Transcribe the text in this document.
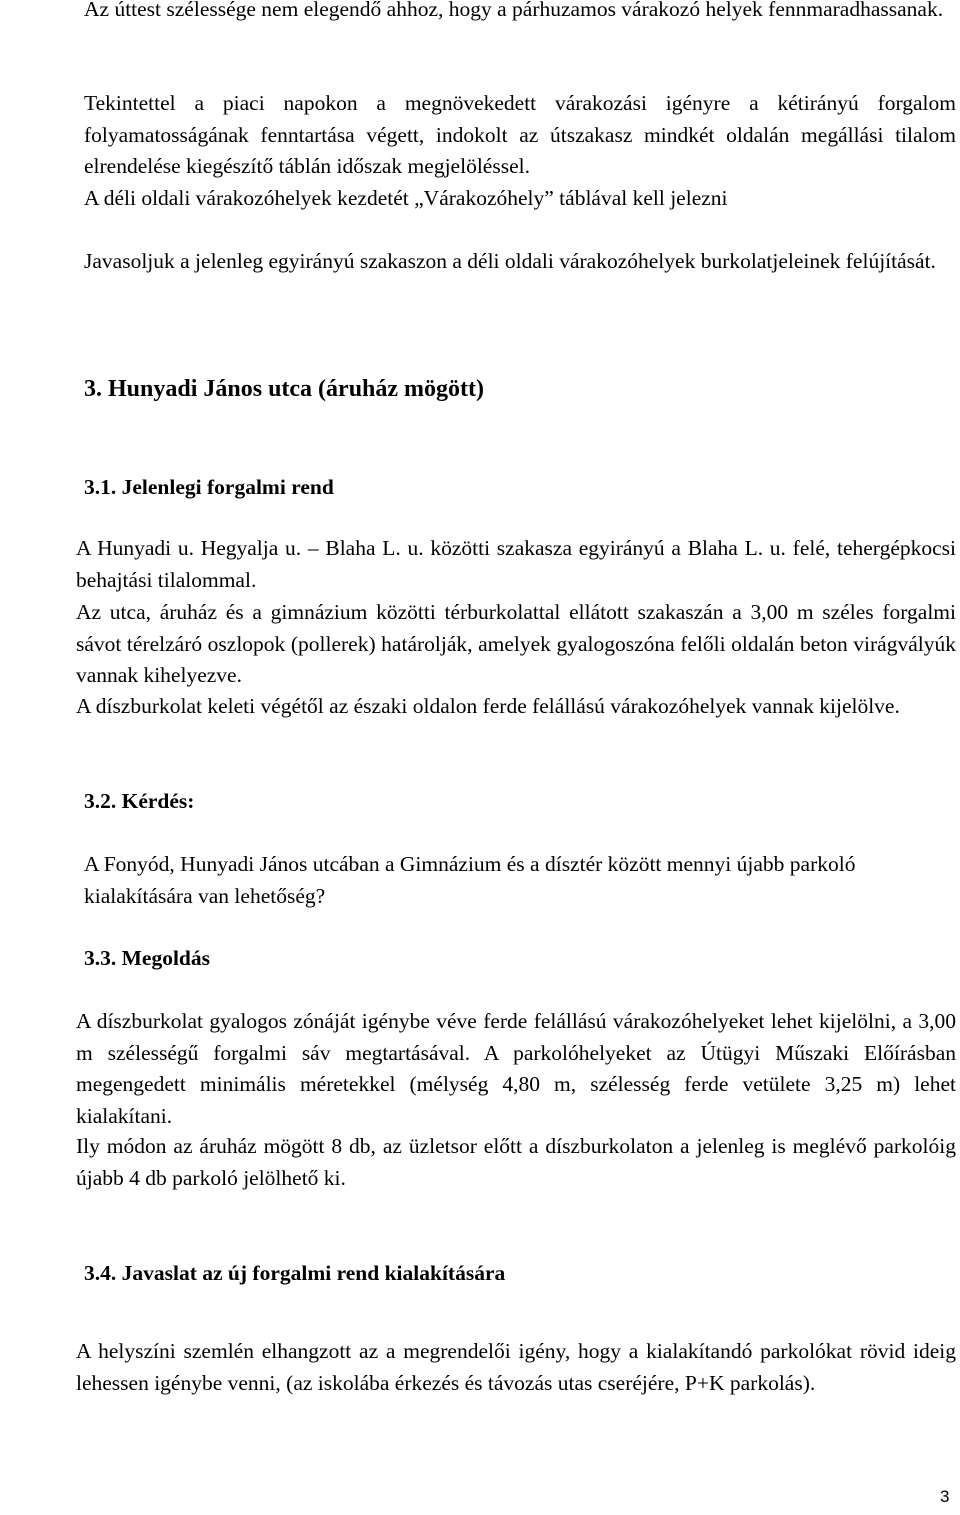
Az úttest szélessége nem elegendő ahhoz, hogy a párhuzamos várakozó helyek fennmaradhassanak.

Tekintettel a piaci napokon a megnövekedett várakozási igényre a kétirányú forgalom folyamatosságának fenntartása végett, indokolt az útszakasz mindkét oldalán megállási tilalom elrendelése kiegészítő táblán időszak megjelöléssel.

A déli oldali várakozóhelyek kezdetét „Várakozóhely” táblával kell jelezni

Javasoljuk a jelenleg egyirányú szakaszon a déli oldali várakozóhelyek burkolatjeleinek felújítását.

3. Hunyadi János utca (áruház mögött)
3.1. Jelenlegi forgalmi rend

A Hunyadi u. Hegyalja u. – Blaha L. u. közötti szakasza egyirányú a Blaha L. u. felé, tehergépkocsi behajtási tilalommal.

Az utca, áruház és a gimnázium közötti térburkolattal ellátott szakaszán a 3,00 m széles forgalmi sávot térelzáró oszlopok (pollerek) határolják, amelyek gyalogoszóna felőli oldalán beton virágvályúk vannak kihelyezve.

A díszburkolat keleti végétől az északi oldalon ferde felállású várakozóhelyek vannak kijelölve.

3.2. Kérdés:

A Fonyód, Hunyadi János utcában a Gimnázium és a dísztér között mennyi újabb parkoló kialakítására van lehetőség?

3.3. Megoldás

A díszburkolat gyalogos zónáját igénybe véve ferde felállású várakozóhelyeket lehet kijelölni, a 3,00 m szélességű forgalmi sáv megtartásával. A parkolóhelyeket az Útügyi Műszaki Előírásban megengedett minimális méretekkel (mélység 4,80 m, szélesség ferde vetülete 3,25 m) lehet kialakítani.

Ily módon az áruház mögött 8 db, az üzletsor előtt a díszburkolaton a jelenleg is meglévő parkolóig újabb 4 db parkoló jelölhető ki.

3.4. Javaslat az új forgalmi rend kialakítására

A helyszíni szemlén elhangzott az a megrendelői igény, hogy a kialakítandó parkolókat rövid ideig lehessen igénybe venni, (az iskolába érkezés és távozás utas cseréjére, P+K parkolás).

3
